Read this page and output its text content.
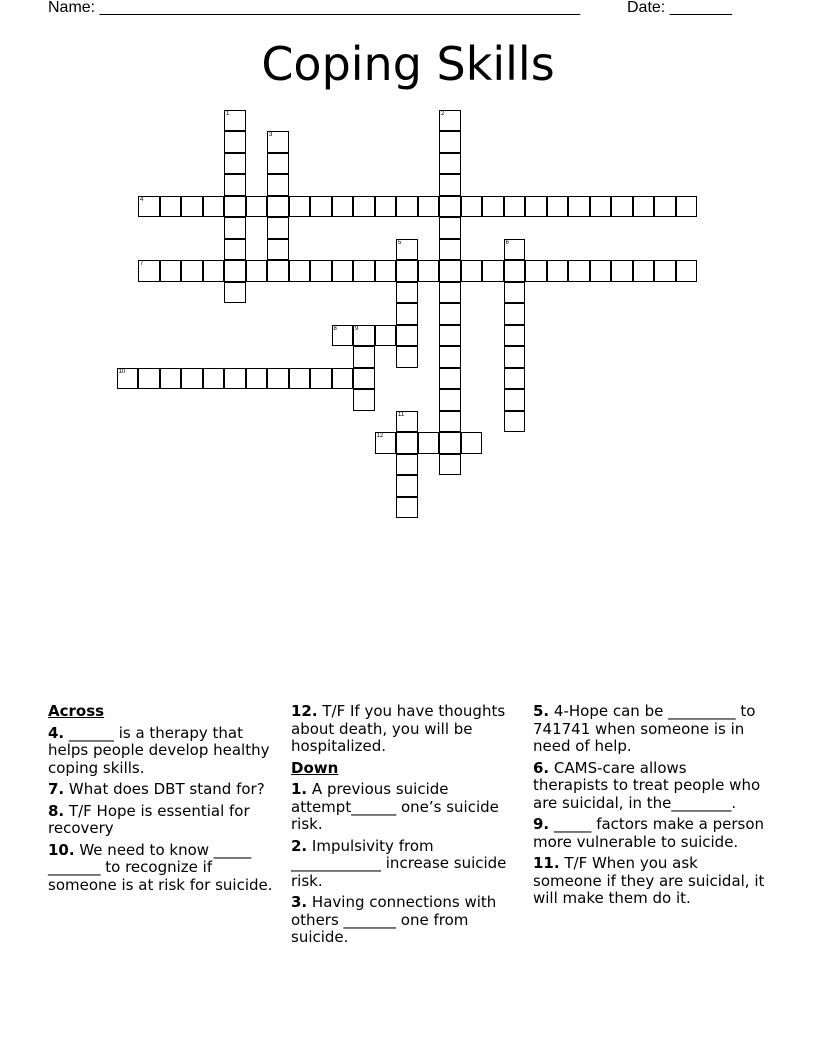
Name: ______________________________________________________	Date: _______
Coping Skills
1	2
3
4
5	6
7
8	9
10
11
12
Across
4. ______ is a therapy that helps people develop healthy coping skills.
7. What does DBT stand for?
8. T/F Hope is essential for recovery
10. We need to know _____ _______ to recognize if someone is at risk for suicide.
12. T/F If you have thoughts about death, you will be hospitalized.
Down
1. A previous suicide attempt______ one’s suicide risk.
2. Impulsivity from ____________ increase suicide risk.
3. Having connections with others _______ one from suicide.
5. 4-Hope can be _________ to 741741 when someone is in need of help.
6. CAMS-care allows therapists to treat people who are suicidal, in the________.
9. _____ factors make a person more vulnerable to suicide.
11. T/F When you ask someone if they are suicidal, it will make them do it.
